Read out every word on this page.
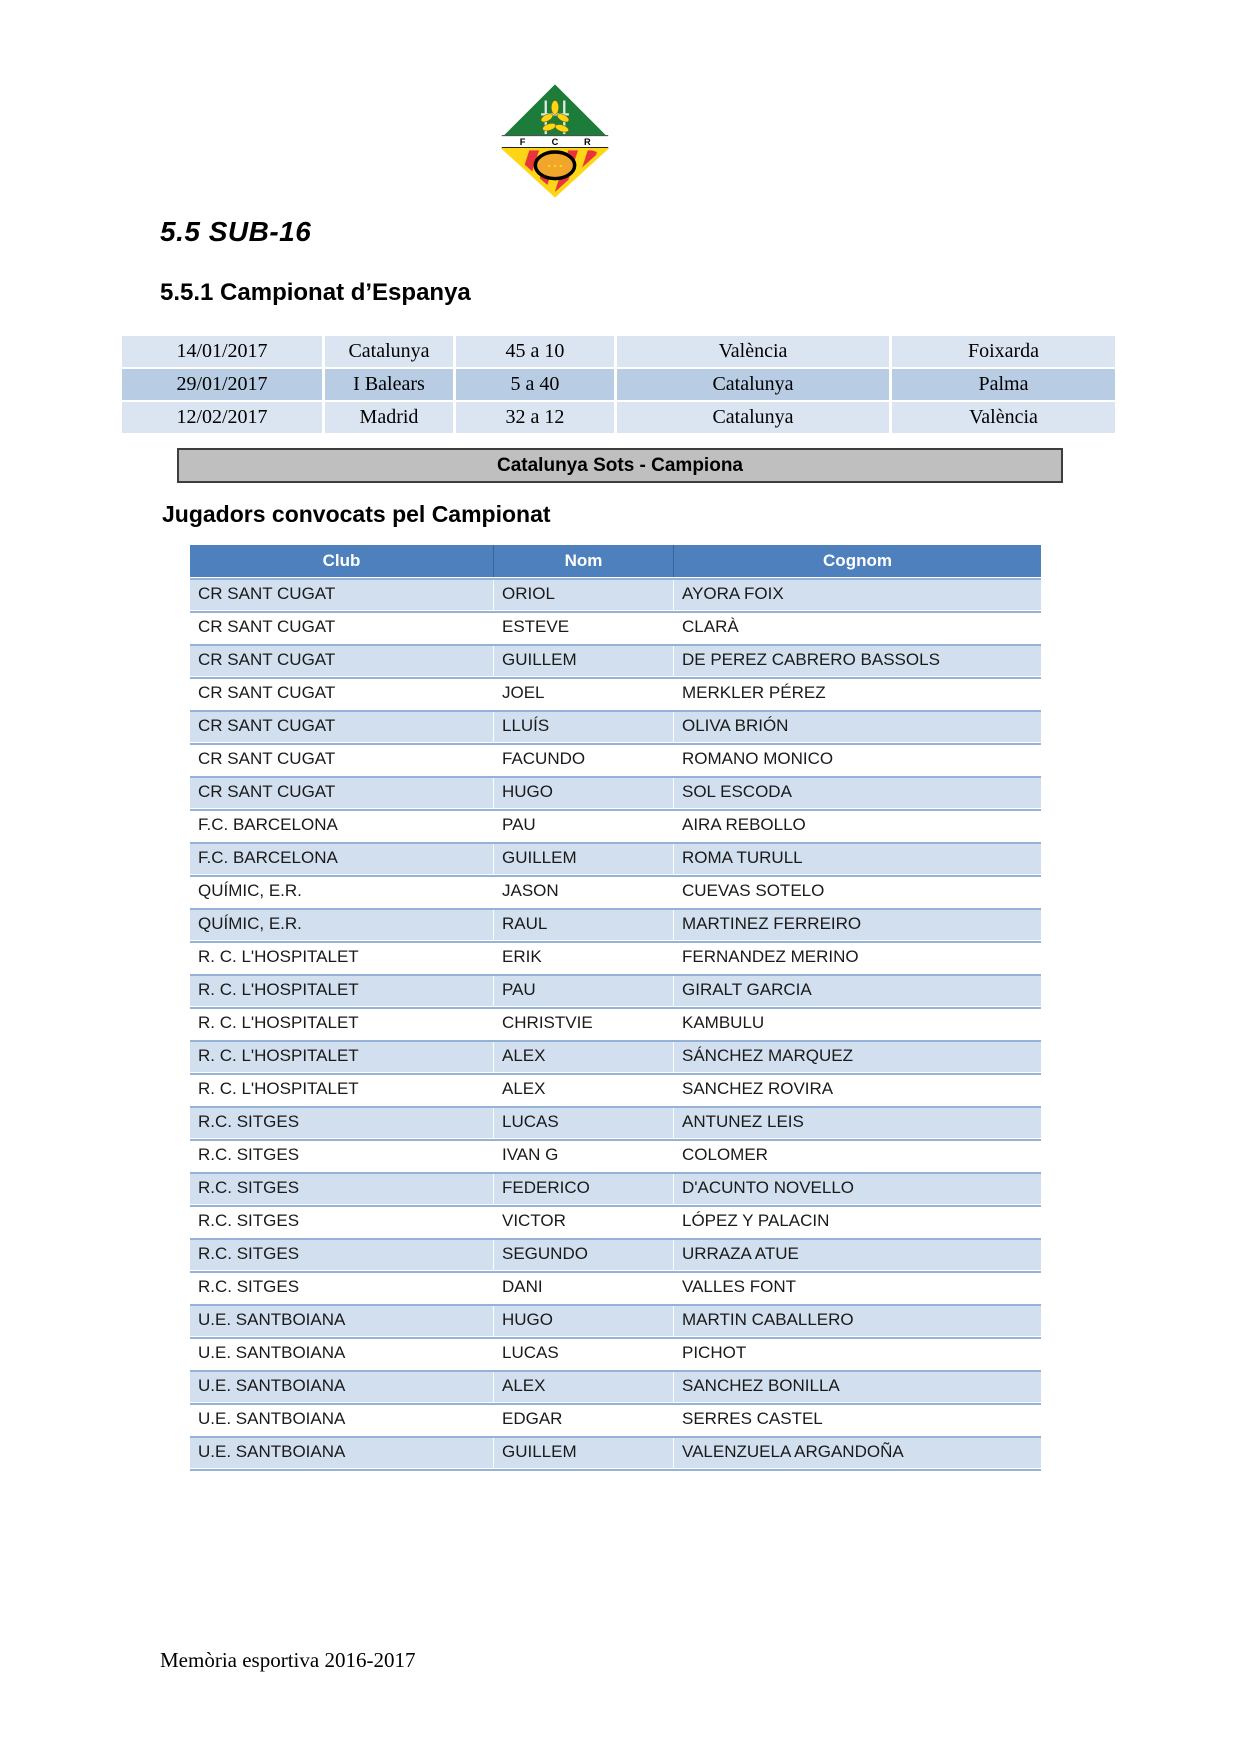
F	C	R
5.5 SUB-16
5.5.1 Campionat d’Espanya
14/01/2017	Catalunya	45 a 10	València	Foixarda
29/01/2017	I Balears	5 a 40	Catalunya	Palma
12/02/2017	Madrid	32 a 12	Catalunya	València
Catalunya Sots - Campiona
Jugadors convocats pel Campionat
Club	Nom	Cognom
CR SANT CUGAT	ORIOL	AYORA FOIX
CR SANT CUGAT	ESTEVE	CLARÀ
CR SANT CUGAT	GUILLEM	DE PEREZ CABRERO BASSOLS
CR SANT CUGAT	JOEL	MERKLER PÉREZ
CR SANT CUGAT	LLUÍS	OLIVA BRIÓN
CR SANT CUGAT	FACUNDO	ROMANO MONICO
CR SANT CUGAT	HUGO	SOL ESCODA
F.C. BARCELONA	PAU	AIRA REBOLLO
F.C. BARCELONA	GUILLEM	ROMA TURULL
QUÍMIC, E.R.	JASON	CUEVAS SOTELO
QUÍMIC, E.R.	RAUL	MARTINEZ FERREIRO
R. C. L'HOSPITALET	ERIK	FERNANDEZ MERINO
R. C. L'HOSPITALET	PAU	GIRALT GARCIA
R. C. L'HOSPITALET	CHRISTVIE	KAMBULU
R. C. L'HOSPITALET	ALEX	SÁNCHEZ MARQUEZ
R. C. L'HOSPITALET	ALEX	SANCHEZ ROVIRA
R.C. SITGES	LUCAS	ANTUNEZ LEIS
R.C. SITGES	IVAN G	COLOMER
R.C. SITGES	FEDERICO	D'ACUNTO NOVELLO
R.C. SITGES	VICTOR	LÓPEZ Y PALACIN
R.C. SITGES	SEGUNDO	URRAZA ATUE
R.C. SITGES	DANI	VALLES FONT
U.E. SANTBOIANA	HUGO	MARTIN CABALLERO
U.E. SANTBOIANA	LUCAS	PICHOT
U.E. SANTBOIANA	ALEX	SANCHEZ BONILLA
U.E. SANTBOIANA	EDGAR	SERRES CASTEL
U.E. SANTBOIANA	GUILLEM	VALENZUELA ARGANDOÑA
Memòria esportiva 2016-2017
